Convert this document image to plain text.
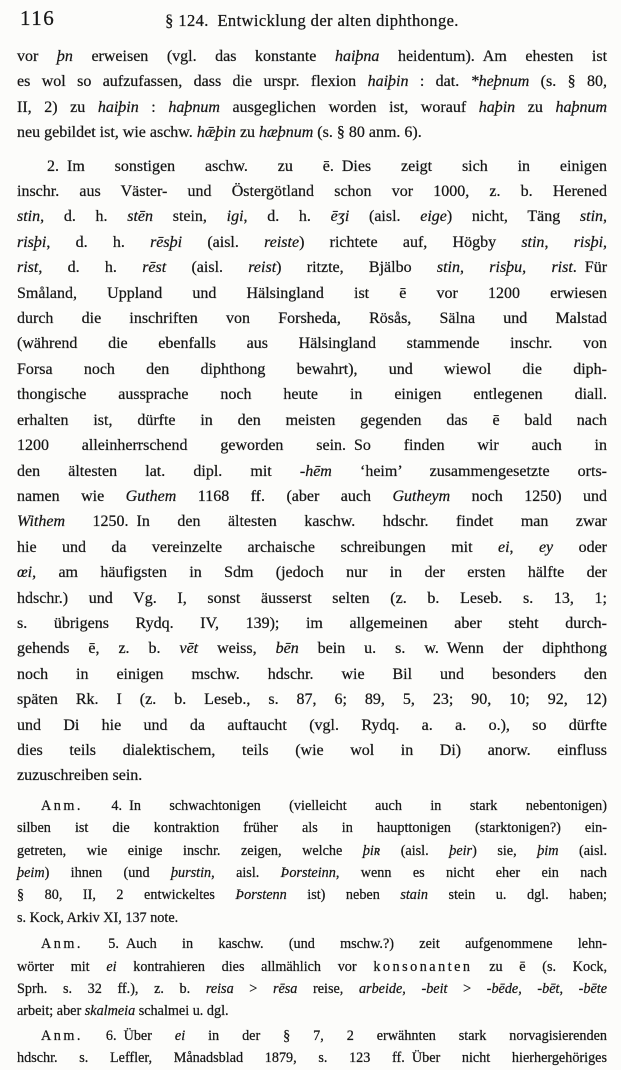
116	§ 124. Entwicklung der alten diphthonge.
vor þn erweisen (vgl. das konstante haiþna heidentum). Am ehesten ist
es wol so aufzufassen, dass die urspr. flexion haiþin : dat. *heþnum (s. § 80,
II, 2) zu haiþin : haþnum ausgeglichen worden ist, worauf haþin zu haþnum
neu gebildet ist, wie aschw. hǣþin zu hæþnum (s. § 80 anm. 6).
2. Im sonstigen aschw. zu ē. Dies zeigt sich in einigen
inschr. aus Väster- und Östergötland schon vor 1000, z. b. Herened
stin, d. h. stēn stein, igi, d. h. ēʒi (aisl. eige) nicht, Täng stin,
risþi, d. h. rēsþi (aisl. reiste) richtete auf, Högby stin, risþi,
rist, d. h. rēst (aisl. reist) ritzte, Bjälbo stin, risþu, rist. Für
Småland, Uppland und Hälsingland ist ē vor 1200 erwiesen
durch die inschriften von Forsheda, Rösås, Sälna und Malstad
(während die ebenfalls aus Hälsingland stammende inschr. von
Forsa noch den diphthong bewahrt), und wiewol die diph-
thongische aussprache noch heute in einigen entlegenen diall.
erhalten ist, dürfte in den meisten gegenden das ē bald nach
1200 alleinherrschend geworden sein. So finden wir auch in
den ältesten lat. dipl. mit -hēm ‘heim’ zusammengesetzte orts-
namen wie Guthem 1168 ff. (aber auch Gutheym noch 1250) und
Withem 1250. In den ältesten kaschw. hdschr. findet man zwar
hie und da vereinzelte archaische schreibungen mit ei, ey oder
œi, am häufigsten in Sdm (jedoch nur in der ersten hälfte der
hdschr.) und Vg. I, sonst äusserst selten (z. b. Leseb. s. 13, 1;
s. übrigens Rydq. IV, 139); im allgemeinen aber steht durch-
gehends ē, z. b. vēt weiss, bēn bein u. s. w. Wenn der diphthong
noch in einigen mschw. hdschr. wie Bil und besonders den
späten Rk. I (z. b. Leseb., s. 87, 6; 89, 5, 23; 90, 10; 92, 12)
und Di hie und da auftaucht (vgl. Rydq. a. a. o.), so dürfte
dies teils dialektischem, teils (wie wol in Di) anorw. einfluss
zuzuschreiben sein.
Anm. 4. In schwachtonigen (vielleicht auch in stark nebentonigen)
silben ist die kontraktion früher als in haupttonigen (starktonigen?) ein-
getreten, wie einige inschr. zeigen, welche þiʀ (aisl. þeir) sie, þim (aisl.
þeim) ihnen (und þurstin, aisl. Þorsteinn, wenn es nicht eher ein nach
§ 80, II, 2 entwickeltes Þorstenn ist) neben stain stein u. dgl. haben;
s. Kock, Arkiv XI, 137 note.
Anm. 5. Auch in kaschw. (und mschw.?) zeit aufgenommene lehn-
wörter mit ei kontrahieren dies allmählich vor konsonanten zu ē (s. Kock,
Sprh. s. 32 ff.), z. b. reisa > rēsa reise, arbeide, -beit > -bēde, -bēt, -bēte
arbeit; aber skalmeia schalmei u. dgl.
Anm. 6. Über ei in der § 7, 2 erwähnten stark norvagisierenden
hdschr. s. Leffler, Månadsblad 1879, s. 123 ff. Über nicht hierhergehöriges
